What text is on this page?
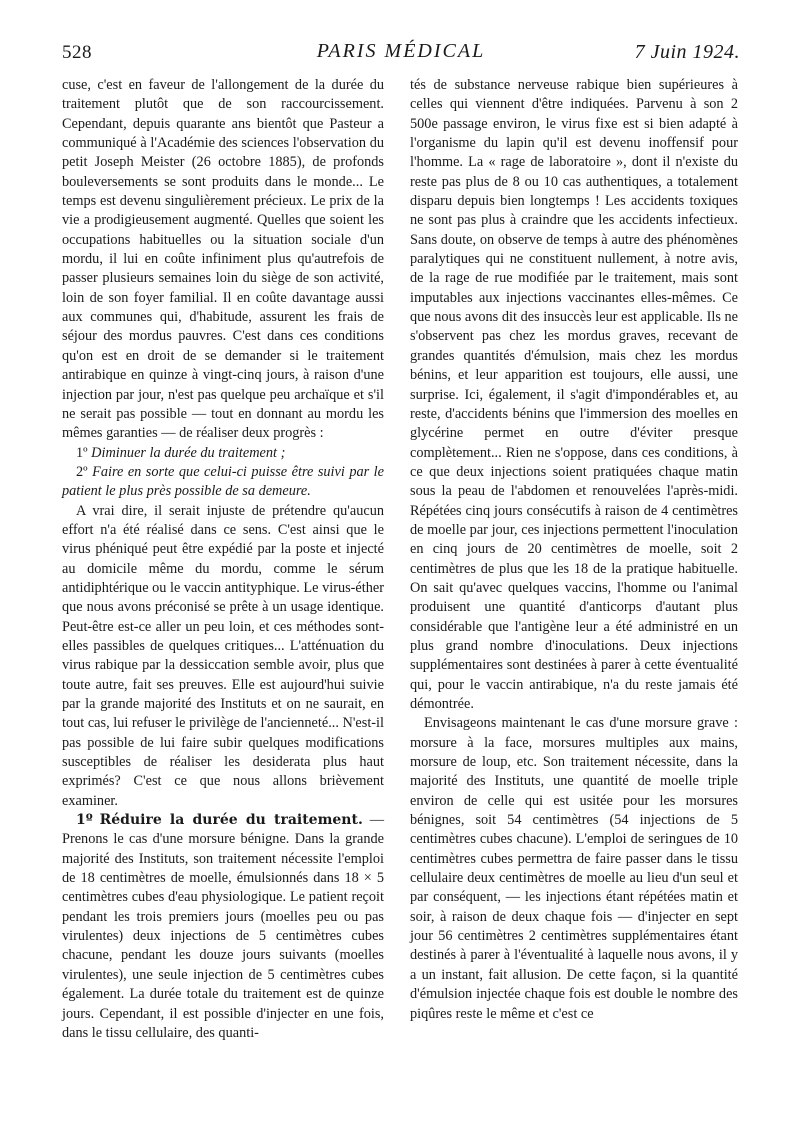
528	PARIS MÉDICAL	7 Juin 1924.

cuse, c'est en faveur de l'allongement de la durée du traitement plutôt que de son raccourcissement. Cependant, depuis quarante ans bientôt que Pasteur a communiqué à l'Académie des sciences l'observation du petit Joseph Meister (26 octobre 1885), de profonds bouleversements se sont produits dans le monde... Le temps est devenu singulièrement précieux. Le prix de la vie a prodigieusement augmenté. Quelles que soient les occupations habituelles ou la situation sociale d'un mordu, il lui en coûte infiniment plus qu'autrefois de passer plusieurs semaines loin du siège de son activité, loin de son foyer familial. Il en coûte davantage aussi aux communes qui, d'habitude, assurent les frais de séjour des mordus pauvres. C'est dans ces conditions qu'on est en droit de se demander si le traitement antirabique en quinze à vingt-cinq jours, à raison d'une injection par jour, n'est pas quelque peu archaïque et s'il ne serait pas possible — tout en donnant au mordu les mêmes garanties — de réaliser deux progrès :

1º Diminuer la durée du traitement ;

2º Faire en sorte que celui-ci puisse être suivi par le patient le plus près possible de sa demeure.

A vrai dire, il serait injuste de prétendre qu'aucun effort n'a été réalisé dans ce sens. C'est ainsi que le virus phéniqué peut être expédié par la poste et injecté au domicile même du mordu, comme le sérum antidiphtérique ou le vaccin antityphique. Le virus-éther que nous avons préconisé se prête à un usage identique. Peut-être est-ce aller un peu loin, et ces méthodes sont-elles passibles de quelques critiques... L'atténuation du virus rabique par la dessiccation semble avoir, plus que toute autre, fait ses preuves. Elle est aujourd'hui suivie par la grande majorité des Instituts et on ne saurait, en tout cas, lui refuser le privilège de l'ancienneté... N'est-il pas possible de lui faire subir quelques modifications susceptibles de réaliser les desiderata plus haut exprimés? C'est ce que nous allons brièvement examiner.

1º Réduire la durée du traitement. — Prenons le cas d'une morsure bénigne. Dans la grande majorité des Instituts, son traitement nécessite l'emploi de 18 centimètres de moelle, émulsionnés dans 18 × 5 centimètres cubes d'eau physiologique. Le patient reçoit pendant les trois premiers jours (moelles peu ou pas virulentes) deux injections de 5 centimètres cubes chacune, pendant les douze jours suivants (moelles virulentes), une seule injection de 5 centimètres cubes également. La durée totale du traitement est de quinze jours. Cependant, il est possible d'injecter en une fois, dans le tissu cellulaire, des quanti-

tés de substance nerveuse rabique bien supérieures à celles qui viennent d'être indiquées. Parvenu à son 2 500e passage environ, le virus fixe est si bien adapté à l'organisme du lapin qu'il est devenu inoffensif pour l'homme. La « rage de laboratoire », dont il n'existe du reste pas plus de 8 ou 10 cas authentiques, a totalement disparu depuis bien longtemps ! Les accidents toxiques ne sont pas plus à craindre que les accidents infectieux. Sans doute, on observe de temps à autre des phénomènes paralytiques qui ne constituent nullement, à notre avis, de la rage de rue modifiée par le traitement, mais sont imputables aux injections vaccinantes elles-mêmes. Ce que nous avons dit des insuccès leur est applicable. Ils ne s'observent pas chez les mordus graves, recevant de grandes quantités d'émulsion, mais chez les mordus bénins, et leur apparition est toujours, elle aussi, une surprise. Ici, également, il s'agit d'impondérables et, au reste, d'accidents bénins que l'immersion des moelles en glycérine permet en outre d'éviter presque complètement... Rien ne s'oppose, dans ces conditions, à ce que deux injections soient pratiquées chaque matin sous la peau de l'abdomen et renouvelées l'après-midi. Répétées cinq jours consécutifs à raison de 4 centimètres de moelle par jour, ces injections permettent l'inoculation en cinq jours de 20 centimètres de moelle, soit 2 centimètres de plus que les 18 de la pratique habituelle. On sait qu'avec quelques vaccins, l'homme ou l'animal produisent une quantité d'anticorps d'autant plus considérable que l'antigène leur a été administré en un plus grand nombre d'inoculations. Deux injections supplémentaires sont destinées à parer à cette éventualité qui, pour le vaccin antirabique, n'a du reste jamais été démontrée.

Envisageons maintenant le cas d'une morsure grave : morsure à la face, morsures multiples aux mains, morsure de loup, etc. Son traitement nécessite, dans la majorité des Instituts, une quantité de moelle triple environ de celle qui est usitée pour les morsures bénignes, soit 54 centimètres (54 injections de 5 centimètres cubes chacune). L'emploi de seringues de 10 centimètres cubes permettra de faire passer dans le tissu cellulaire deux centimètres de moelle au lieu d'un seul et par conséquent, — les injections étant répétées matin et soir, à raison de deux chaque fois — d'injecter en sept jour 56 centimètres 2 centimètres supplémentaires étant destinés à parer à l'éventualité à laquelle nous avons, il y a un instant, fait allusion. De cette façon, si la quantité d'émulsion injectée chaque fois est double le nombre des piqûres reste le même et c'est ce
